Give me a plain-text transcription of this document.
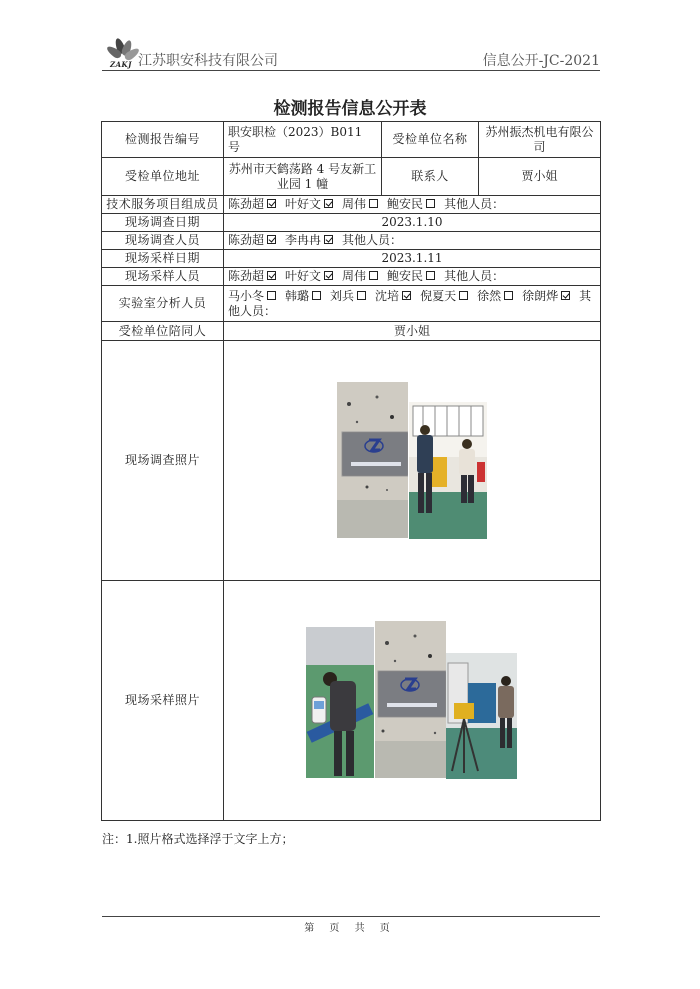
ZAKJ 江苏职安科技有限公司	信息公开-JC-2021
检测报告信息公开表
检测报告编号	职安职检（2023）B011 号	受检单位名称	苏州振杰机电有限公司
受检单位地址	苏州市天鹤荡路 4 号友新工业园 1 幢	联系人	贾小姐
技术服务项目组成员	陈劲超 叶好文 周伟 鲍安民 其他人员：		
现场调查日期	2023.1.10		
现场调查人员	陈劲超 李冉冉 其他人员：		
现场采样日期	2023.1.11		
现场采样人员	陈劲超 叶好文 周伟 鲍安民 其他人员：		
实验室分析人员	马小冬 韩璐 刘兵 沈培 倪夏天 徐然 徐朗烨 其他人员：		
受检单位陪同人	贾小姐		
现场调查照片	

现场采样照片	
注：1.照片格式选择浮于文字上方；
第 页 共 页
